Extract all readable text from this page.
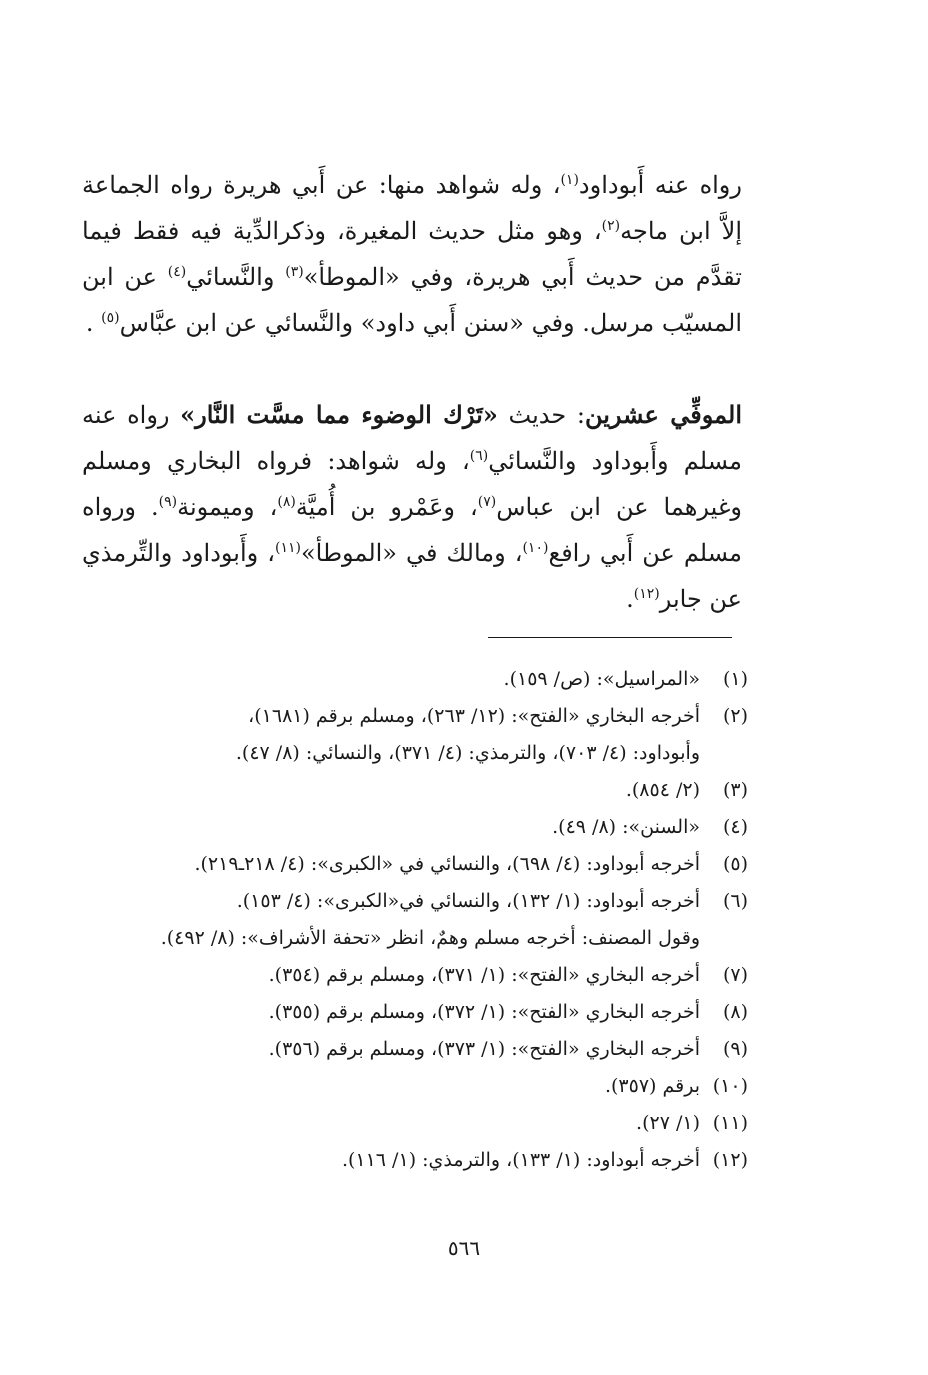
رواه عنه أَبوداود$^{(١)}$، وله شواهد منها: عن أَبي هريرة رواه الجماعة إلاَّ ابن ماجه$^{(٢)}$، وهو مثل حديث المغيرة، وذكرالدِّية فيه فقط فيما تقدَّم من حديث أَبي هريرة، وفي «الموطأ»$^{(٣)}$ والنَّسائي$^{(٤)}$ عن ابن المسيّب مرسل. وفي «سنن أَبي داود» والنَّسائي عن ابن عبَّاس$^{(٥)}$ .

الموفِّي عشرين: حديث «تَرْك الوضوء مما مسَّت النَّار» رواه عنه مسلم وأَبوداود والنَّسائي$^{(٦)}$، وله شواهد: فرواه البخاري ومسلم وغيرهما عن ابن عباس$^{(٧)}$، وعَمْرو بن أُميَّة$^{(٨)}$، وميمونة$^{(٩)}$. ورواه مسلم عن أَبي رافع$^{(١٠)}$، ومالك في «الموطأ»$^{(١١)}$، وأَبوداود والتِّرمذي عن جابر$^{(١٢)}$.

(١)
«المراسيل»: (ص/ ١٥٩).
(٢)
أخرجه البخاري «الفتح»: (١٢/ ٢٦٣)، ومسلم برقم (١٦٨١)،
وأبوداود: (٤/ ٧٠٣)، والترمذي: (٤/ ٣٧١)، والنسائي: (٨/ ٤٧).
(٣)
(٢/ ٨٥٤).
(٤)
«السنن»: (٨/ ٤٩).
(٥)
أخرجه أبوداود: (٤/ ٦٩٨)، والنسائي في «الكبرى»: (٤/ ٢١٨ـ٢١٩).
(٦)
أخرجه أبوداود: (١/ ١٣٢)، والنسائي في«الكبرى»: (٤/ ١٥٣).
وقول المصنف: أخرجه مسلم وهمٌ، انظر «تحفة الأشراف»: (٨/ ٤٩٢).
(٧)
أخرجه البخاري «الفتح»: (١/ ٣٧١)، ومسلم برقم (٣٥٤).
(٨)
أخرجه البخاري «الفتح»: (١/ ٣٧٢)، ومسلم برقم (٣٥٥).
(٩)
أخرجه البخاري «الفتح»: (١/ ٣٧٣)، ومسلم برقم (٣٥٦).
(١٠)
برقم (٣٥٧).
(١١)
(١/ ٢٧).
(١٢)
أخرجه أبوداود: (١/ ١٣٣)، والترمذي: (١/ ١١٦).
٥٦٦
